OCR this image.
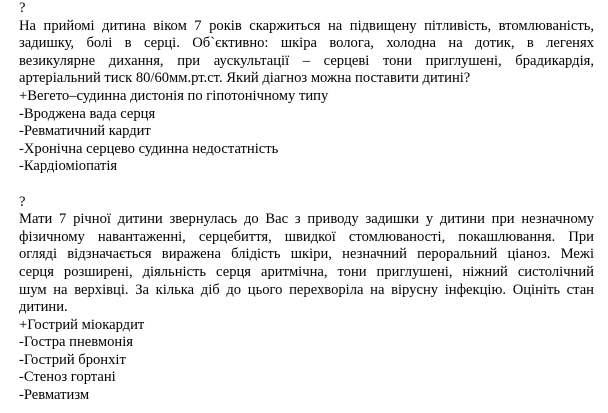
?
На прийомі дитина віком 7 років скаржиться на підвищену пітливість, втомлюваність,
задишку, болі в серці. Об`єктивно: шкіра волога, холодна на дотик, в легенях
везикулярне дихання, при аускультації – серцеві тони приглушені, брадикардія,
артеріальний тиск 80/60мм.рт.ст. Який діагноз можна поставити дитині?
+Вегето–судинна дистонія по гіпотонічному типу
-Вроджена вада серця
-Ревматичний кардит
-Хронічна серцево судинна недостатність
-Кардіоміопатія
?
Мати 7 річної дитини звернулась до Вас з приводу задишки у дитини при незначному
фізичному навантаженні, серцебиття, швидкої стомлюваності, покашлювання. При
огляді відзначається виражена блідість шкіри, незначний пероральний ціаноз. Межі
серця розширені, діяльність серця аритмічна, тони приглушені, ніжний систолічний
шум на верхівці. За кілька діб до цього перехворіла на вірусну інфекцію. Оцініть стан
дитини.
+Гострий міокардит
-Гостра пневмонія
-Гострий бронхіт
-Стеноз гортані
-Ревматизм
